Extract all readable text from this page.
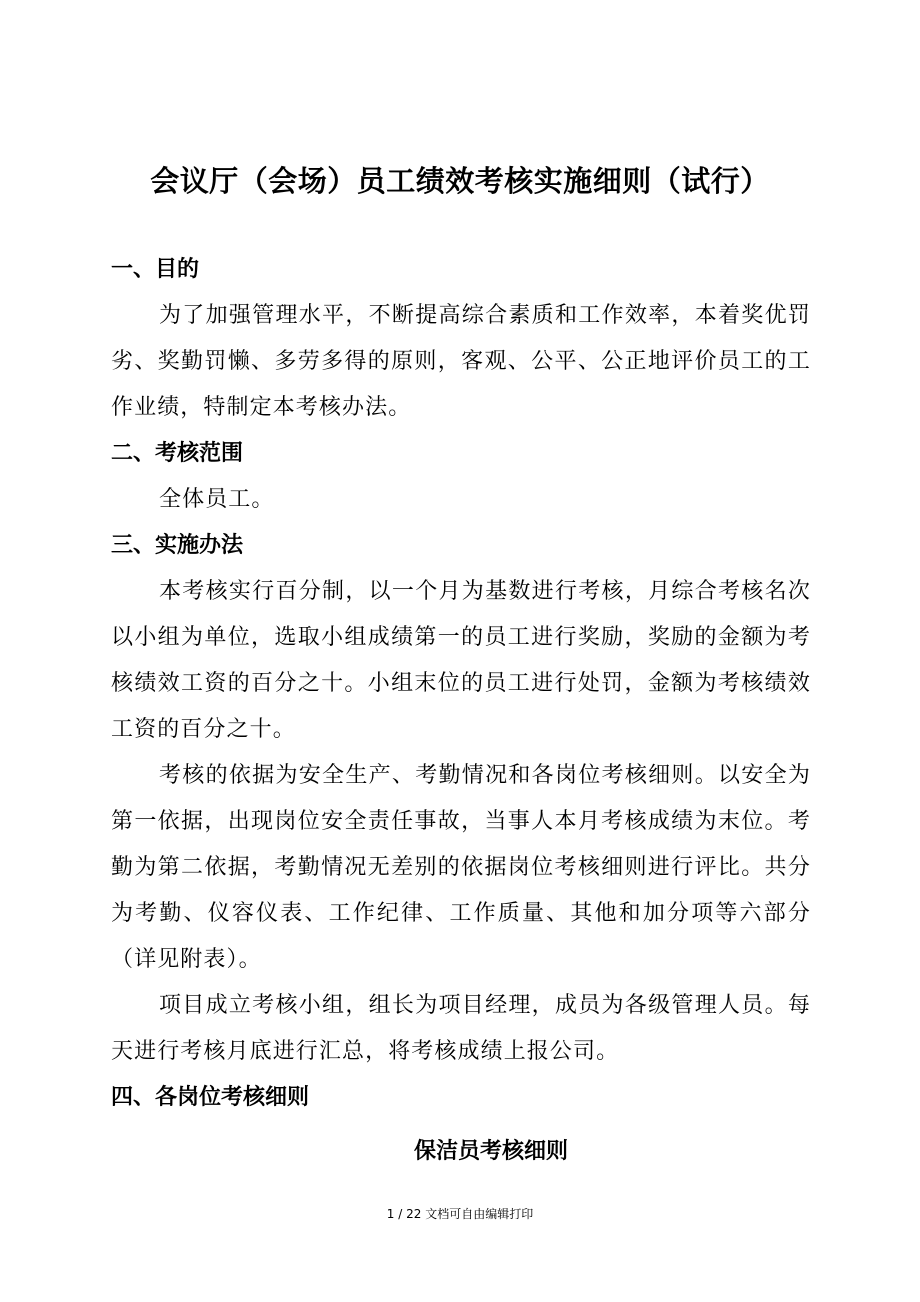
会议厅（会场）员工绩效考核实施细则（试行）
一、目的

为了加强管理水平，不断提高综合素质和工作效率，本着奖优罚劣、奖勤罚懒、多劳多得的原则，客观、公平、公正地评价员工的工作业绩，特制定本考核办法。

二、考核范围

全体员工。

三、实施办法

本考核实行百分制，以一个月为基数进行考核，月综合考核名次以小组为单位，选取小组成绩第一的员工进行奖励，奖励的金额为考核绩效工资的百分之十。小组末位的员工进行处罚，金额为考核绩效工资的百分之十。

考核的依据为安全生产、考勤情况和各岗位考核细则。以安全为第一依据，出现岗位安全责任事故，当事人本月考核成绩为末位。考勤为第二依据，考勤情况无差别的依据岗位考核细则进行评比。共分为考勤、仪容仪表、工作纪律、工作质量、其他和加分项等六部分（详见附表）。

项目成立考核小组，组长为项目经理，成员为各级管理人员。每天进行考核月底进行汇总，将考核成绩上报公司。

四、各岗位考核细则
保洁员考核细则
1 / 22 文档可自由编辑打印
